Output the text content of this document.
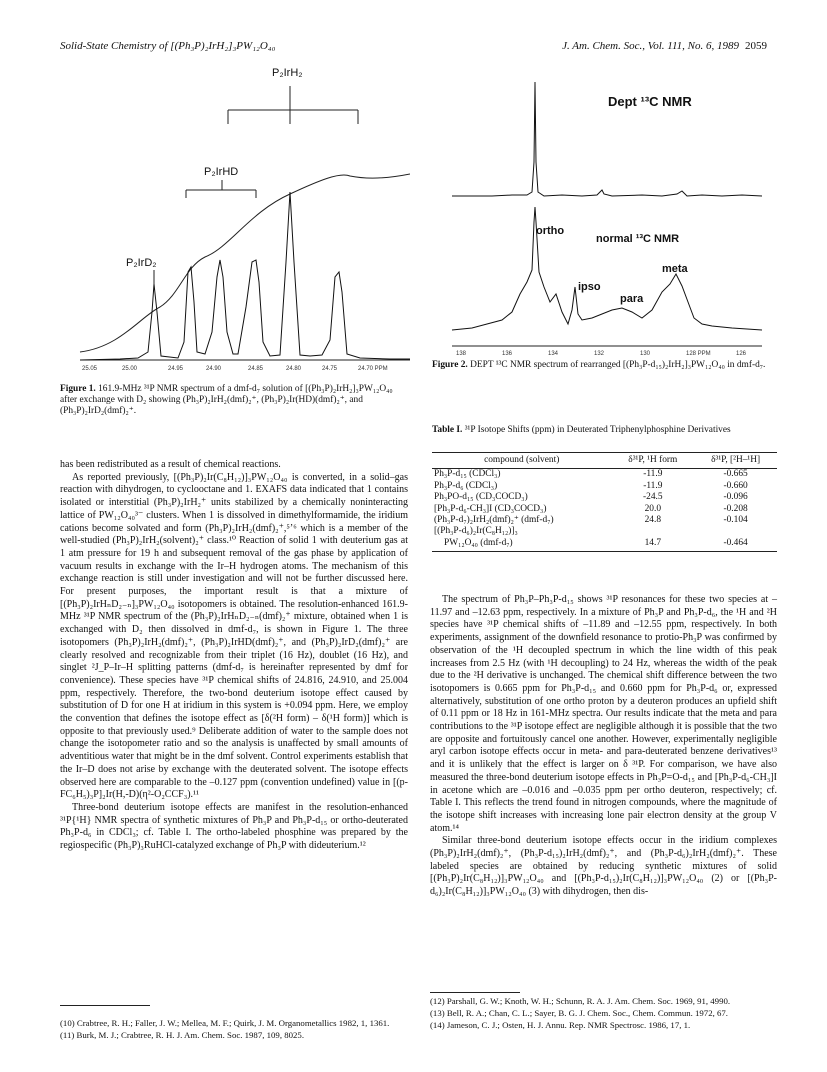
Solid-State Chemistry of [(Ph₃P)₂IrH₂]₃PW₁₂O₄₀	J. Am. Chem. Soc., Vol. 111, No. 6, 1989 2059
P₂IrH₂
P₂IrHD
P₂IrD₂
25.05	25.00	24.95	24.90	24.85	24.80	24.75	24.70 PPM
Figure 1. 161.9-MHz ³¹P NMR spectrum of a dmf-d₇ solution of [(Ph₃P)₂IrH₂]₃PW₁₂O₄₀ after exchange with D₂ showing (Ph₃P)₂IrH₂(dmf)₂⁺, (Ph₃P)₂Ir(HD)(dmf)₂⁺, and (Ph₃P)₂IrD₂(dmf)₂⁺.
Dept ¹³C NMR
ortho
normal ¹³C NMR
meta
ipso
para
138	136	134	132	130	128 PPM	126
Figure 2. DEPT ¹³C NMR spectrum of rearranged [(Ph₃P-d₁₅)₂IrH₂]₃PW₁₂O₄₀ in dmf-d₇.
Table I. ³¹P Isotope Shifts (ppm) in Deuterated Triphenylphosphine Derivatives
compound (solvent)	δ³¹P, ¹H form	δ³¹P, [²H–¹H]
Ph₃P-d₁₅ (CDCl₃)	-11.9	-0.665
Ph₃P-d₆ (CDCl₃)	-11.9	-0.660
Ph₃PO-d₁₅ (CD₃COCD₃)	-24.5	-0.096
[Ph₃P-d₆-CH₃]I (CD₃COCD₃)	20.0	-0.208
(Ph₃P-d₇)₂IrH₂(dmf)₂⁺ (dmf-d₇)	24.8	-0.104
[(Ph₃P-d₆)₂Ir(C₈H₁₂)]₃		
PW₁₂O₄₀ (dmf-d₇)	14.7	-0.464

has been redistributed as a result of chemical reactions.

As reported previously, [(Ph₃P)₂Ir(C₈H₁₂)]₃PW₁₂O₄₀ is converted, in a solid–gas reaction with dihydrogen, to cyclooctane and 1. EXAFS data indicated that 1 contains isolated or interstitial (Ph₃P)₂IrH₂⁺ units stabilized by a chemically noninteracting lattice of PW₁₂O₄₀³⁻ clusters. When 1 is dissolved in dimethylformamide, the iridium cations become solvated and form (Ph₃P)₂IrH₂(dmf)₂⁺,⁵ʼ⁶ which is a member of the well-studied (Ph₃P)₂IrH₂(solvent)₂⁺ class.¹⁰ Reaction of solid 1 with deuterium gas at 1 atm pressure for 19 h and subsequent removal of the gas phase by application of vacuum results in exchange with the Ir–H hydrogen atoms. The mechanism of this exchange reaction is still under investigation and will not be further discussed here. For present purposes, the important result is that a mixture of [(Ph₃P)₂IrHₙD₂₋ₙ]₃PW₁₂O₄₀ isotopomers is obtained. The resolution-enhanced 161.9-MHz ³¹P NMR spectrum of the (Ph₃P)₂IrHₙD₂₋ₙ(dmf)₂⁺ mixture, obtained when 1 is exchanged with D₂ then dissolved in dmf-d₇, is shown in Figure 1. The three isotopomers (Ph₃P)₂IrH₂(dmf)₂⁺, (Ph₃P)₂IrHD(dmf)₂⁺, and (Ph₃P)₂IrD₂(dmf)₂⁺ are clearly resolved and recognizable from their triplet (16 Hz), doublet (16 Hz), and singlet ²J_P–Ir–H splitting patterns (dmf-d₇ is hereinafter represented by dmf for convenience). These species have ³¹P chemical shifts of 24.816, 24.910, and 25.004 ppm, respectively. Therefore, the two-bond deuterium isotope effect caused by substitution of D for one H at iridium in this system is +0.094 ppm. Here, we employ the convention that defines the isotope effect as [δ(²H form) – δ(¹H form)] which is opposite to that previously used.⁹ Deliberate addition of water to the sample does not change the isotopometer ratio and so the analysis is unaffected by small amounts of adventitious water that might be in the dmf solvent. Control experiments establish that the Ir–D does not arise by exchange with the deuterated solvent. The isotope effects observed here are comparable to the –0.127 ppm (convention undefined) value in [(p-FC₆H₅)₃P]₂Ir(H,-D)(η²-O₂CCF₃).¹¹

Three-bond deuterium isotope effects are manifest in the resolution-enhanced ³¹P{¹H} NMR spectra of synthetic mixtures of Ph₃P and Ph₃P-d₁₅ or ortho-deuterated Ph₃P-d₆ in CDCl₃; cf. Table I. The ortho-labeled phosphine was prepared by the regiospecific (Ph₃P)₃RuHCl-catalyzed exchange of Ph₃P with dideuterium.¹²

The spectrum of Ph₃P–Ph₃P-d₁₅ shows ³¹P resonances for these two species at –11.97 and –12.63 ppm, respectively. In a mixture of Ph₃P and Ph₃P-d₆, the ¹H and ²H species have ³¹P chemical shifts of –11.89 and –12.55 ppm, respectively. In both experiments, assignment of the downfield resonance to protio-Ph₃P was confirmed by observation of the ¹H decoupled spectrum in which the line width of this peak increases from 2.5 Hz (with ¹H decoupling) to 24 Hz, whereas the width of the peak due to the ²H derivative is unchanged. The chemical shift difference between the two isotopomers is 0.665 ppm for Ph₃P-d₁₅ and 0.660 ppm for Ph₃P-d₆ or, expressed alternatively, substitution of one ortho proton by a deuteron produces an upfield shift of 0.11 ppm or 18 Hz in 161-MHz spectra. Our results indicate that the meta and para contributions to the ³¹P isotope effect are negligible although it is possible that the two are opposite and fortuitously cancel one another. However, experimentally negligible aryl carbon isotope effects occur in meta- and para-deuterated benzene derivatives¹³ and it is unlikely that the effect is larger on δ ³¹P. For comparison, we have also measured the three-bond deuterium isotope effects in Ph₃P=O-d₁₅ and [Ph₃P-d₆-CH₃]I in acetone which are –0.016 and –0.035 ppm per ortho deuteron, respectively; cf. Table I. This reflects the trend found in nitrogen compounds, where the magnitude of the isotope shift increases with increasing lone pair electron density at the group V atom.¹⁴

Similar three-bond deuterium isotope effects occur in the iridium complexes (Ph₃P)₂IrH₂(dmf)₂⁺, (Ph₃P-d₁₅)₂IrH₂(dmf)₂⁺, and (Ph₃P-d₆)₂IrH₂(dmf)₂⁺. These labeled species are obtained by reducing synthetic mixtures of solid [(Ph₃P)₂Ir(C₈H₁₂)]₃PW₁₂O₄₀ and [(Ph₃P-d₁₅)₂Ir(C₈H₁₂)]₃PW₁₂O₄₀ (2) or [(Ph₃P-d₆)₂Ir(C₈H₁₂)]₃PW₁₂O₄₀ (3) with dihydrogen, then dis-

(10) Crabtree, R. H.; Faller, J. W.; Mellea, M. F.; Quirk, J. M. Organometallics 1982, 1, 1361.
(11) Burk, M. J.; Crabtree, R. H. J. Am. Chem. Soc. 1987, 109, 8025.
(12) Parshall, G. W.; Knoth, W. H.; Schunn, R. A. J. Am. Chem. Soc. 1969, 91, 4990.
(13) Bell, R. A.; Chan, C. L.; Sayer, B. G. J. Chem. Soc., Chem. Commun. 1972, 67.
(14) Jameson, C. J.; Osten, H. J. Annu. Rep. NMR Spectrosc. 1986, 17, 1.
